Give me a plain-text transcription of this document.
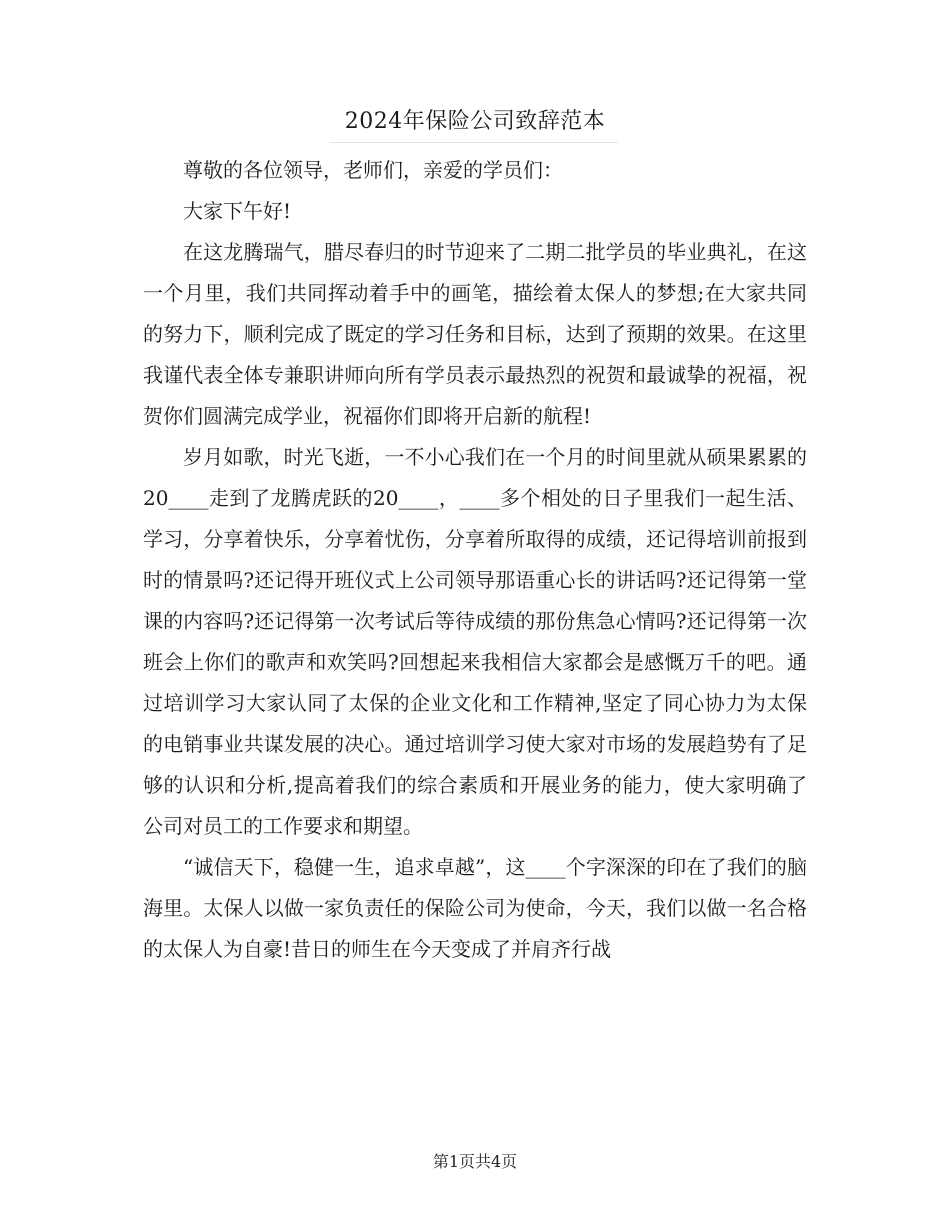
2024年保险公司致辞范本

尊敬的各位领导，老师们，亲爱的学员们：

大家下午好!

在这龙腾瑞气，腊尽春归的时节迎来了二期二批学员的毕业典礼，在这一个月里，我们共同挥动着手中的画笔，描绘着太保人的梦想;在大家共同的努力下，顺利完成了既定的学习任务和目标，达到了预期的效果。在这里我谨代表全体专兼职讲师向所有学员表示最热烈的祝贺和最诚挚的祝福，祝贺你们圆满完成学业，祝福你们即将开启新的航程!

岁月如歌，时光飞逝，一不小心我们在一个月的时间里就从硕果累累的20____走到了龙腾虎跃的20____，____多个相处的日子里我们一起生活、学习，分享着快乐，分享着忧伤，分享着所取得的成绩，还记得培训前报到时的情景吗?还记得开班仪式上公司领导那语重心长的讲话吗?还记得第一堂课的内容吗?还记得第一次考试后等待成绩的那份焦急心情吗?还记得第一次班会上你们的歌声和欢笑吗?回想起来我相信大家都会是感慨万千的吧。通过培训学习大家认同了太保的企业文化和工作精神,坚定了同心协力为太保的电销事业共谋发展的决心。通过培训学习使大家对市场的发展趋势有了足够的认识和分析,提高着我们的综合素质和开展业务的能力，使大家明确了公司对员工的工作要求和期望。

“诚信天下，稳健一生，追求卓越”，这____个字深深的印在了我们的脑海里。太保人以做一家负责任的保险公司为使命，今天，我们以做一名合格的太保人为自豪!昔日的师生在今天变成了并肩齐行战

第1页共4页
